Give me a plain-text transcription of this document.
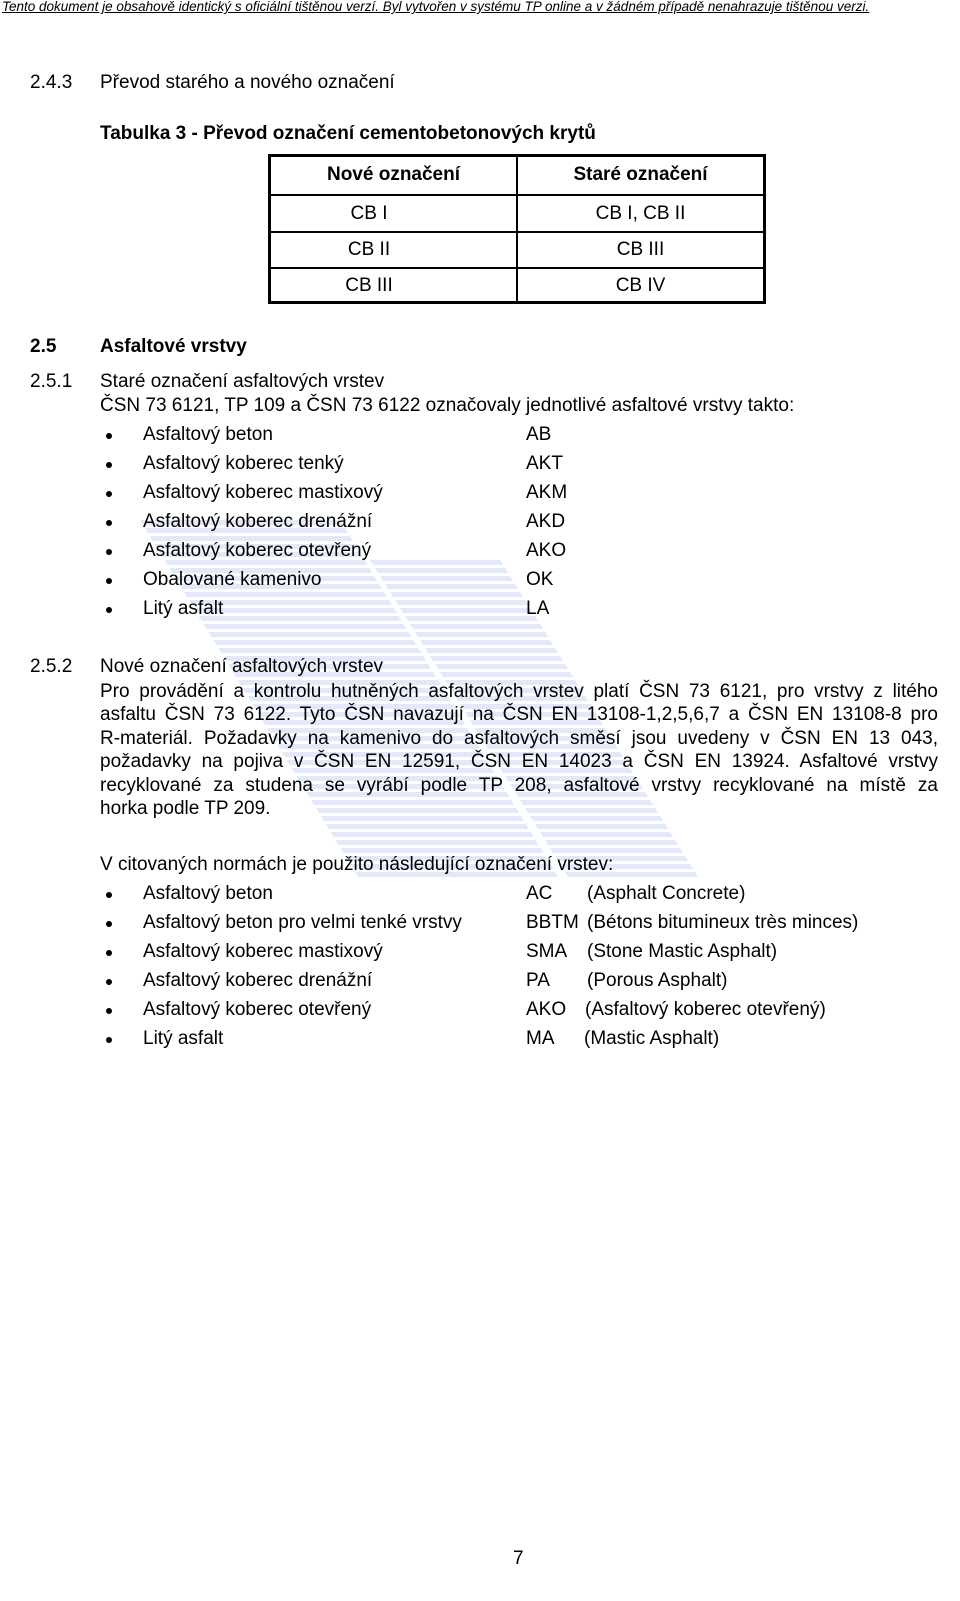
Tento dokument je obsahově identický s oficiální tištěnou verzí. Byl vytvořen v systému TP online a v žádném případě nenahrazuje tištěnou verzi.
2.4.3 Převod starého a nového označení
Tabulka 3 - Převod označení cementobetonových krytů
Nové označení	Staré označení
CB I	CB I, CB II
CB II	CB III
CB III	CB IV
2.5 Asfaltové vrstvy
2.5.1 Staré označení asfaltových vrstev
ČSN 73 6121, TP 109 a ČSN 73 6122 označovaly jednotlivé asfaltové vrstvy takto:
Asfaltový beton	AB
Asfaltový koberec tenký	AKT
Asfaltový koberec mastixový	AKM
Asfaltový koberec drenážní	AKD
Asfaltový koberec otevřený	AKO
Obalované kamenivo	OK
Litý asfalt	LA
2.5.2 Nové označení asfaltových vrstev
Pro provádění a kontrolu hutněných asfaltových vrstev platí ČSN 73 6121, pro vrstvy z litého
asfaltu ČSN 73 6122. Tyto ČSN navazují na ČSN EN 13108-1,2,5,6,7 a ČSN EN 13108-8 pro
R-materiál. Požadavky na kamenivo do asfaltových směsí jsou uvedeny v ČSN EN 13 043,
požadavky na pojiva v ČSN EN 12591, ČSN EN 14023 a ČSN EN 13924. Asfaltové vrstvy
recyklované za studena se vyrábí podle TP 208, asfaltové vrstvy recyklované na místě za
horka podle TP 209.
V citovaných normách je použito následující označení vrstev:
Asfaltový beton	AC (Asphalt Concrete)
Asfaltový beton pro velmi tenké vrstvy	BBTM (Bétons bitumineux très minces)
Asfaltový koberec mastixový	SMA (Stone Mastic Asphalt)
Asfaltový koberec drenážní	PA (Porous Asphalt)
Asfaltový koberec otevřený	AKO (Asfaltový koberec otevřený)
Litý asfalt	MA (Mastic Asphalt)
7
